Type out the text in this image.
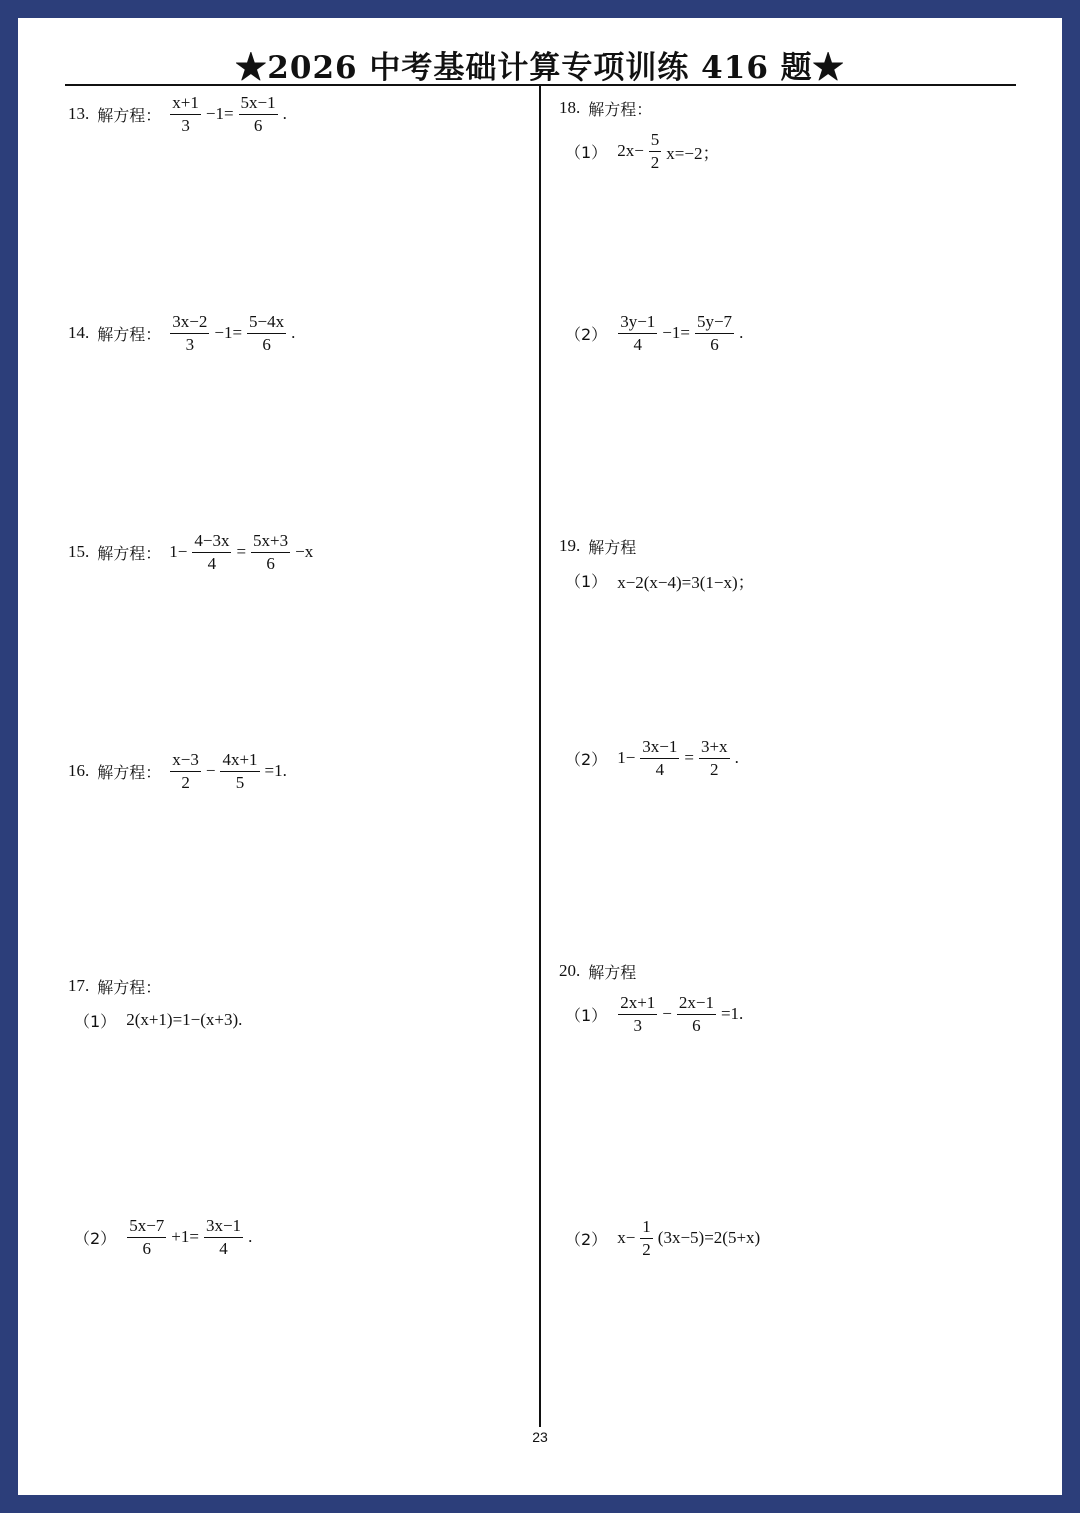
★2026 中考基础计算专项训练 416 题★
13. 解方程： $\frac{x+1}{3} -1= \frac{5x-1}{6}$ .
14. 解方程： $\frac{3x-2}{3} -1= \frac{5-4x}{6}$ .
15. 解方程： $1- \frac{4-3x}{4} = \frac{5x+3}{6} -x$
16. 解方程： $\frac{x-3}{2} - \frac{4x+1}{5} =1$.
17. 解方程：
（1） 2(x+1)=1−(x+3).
$(2) \frac{5x-7}{6} +1= \frac{3x-1}{4}$ .
18. 解方程：
（1） $2x- \frac{5}{2} x=-2$；
$(2) \frac{3y-1}{4} -1= \frac{5y-7}{6}$ .
19. 解方程
（1） x−2(x−4)=3(1−x)；
（2） $1- \frac{3x-1}{4} = \frac{3+x}{2}$ .
20. 解方程
$(1) \frac{2x+1}{3} - \frac{2x-1}{6} =1$.
（2） $x- \frac{1}{2} (3x-5)=2(5+x)$
23
